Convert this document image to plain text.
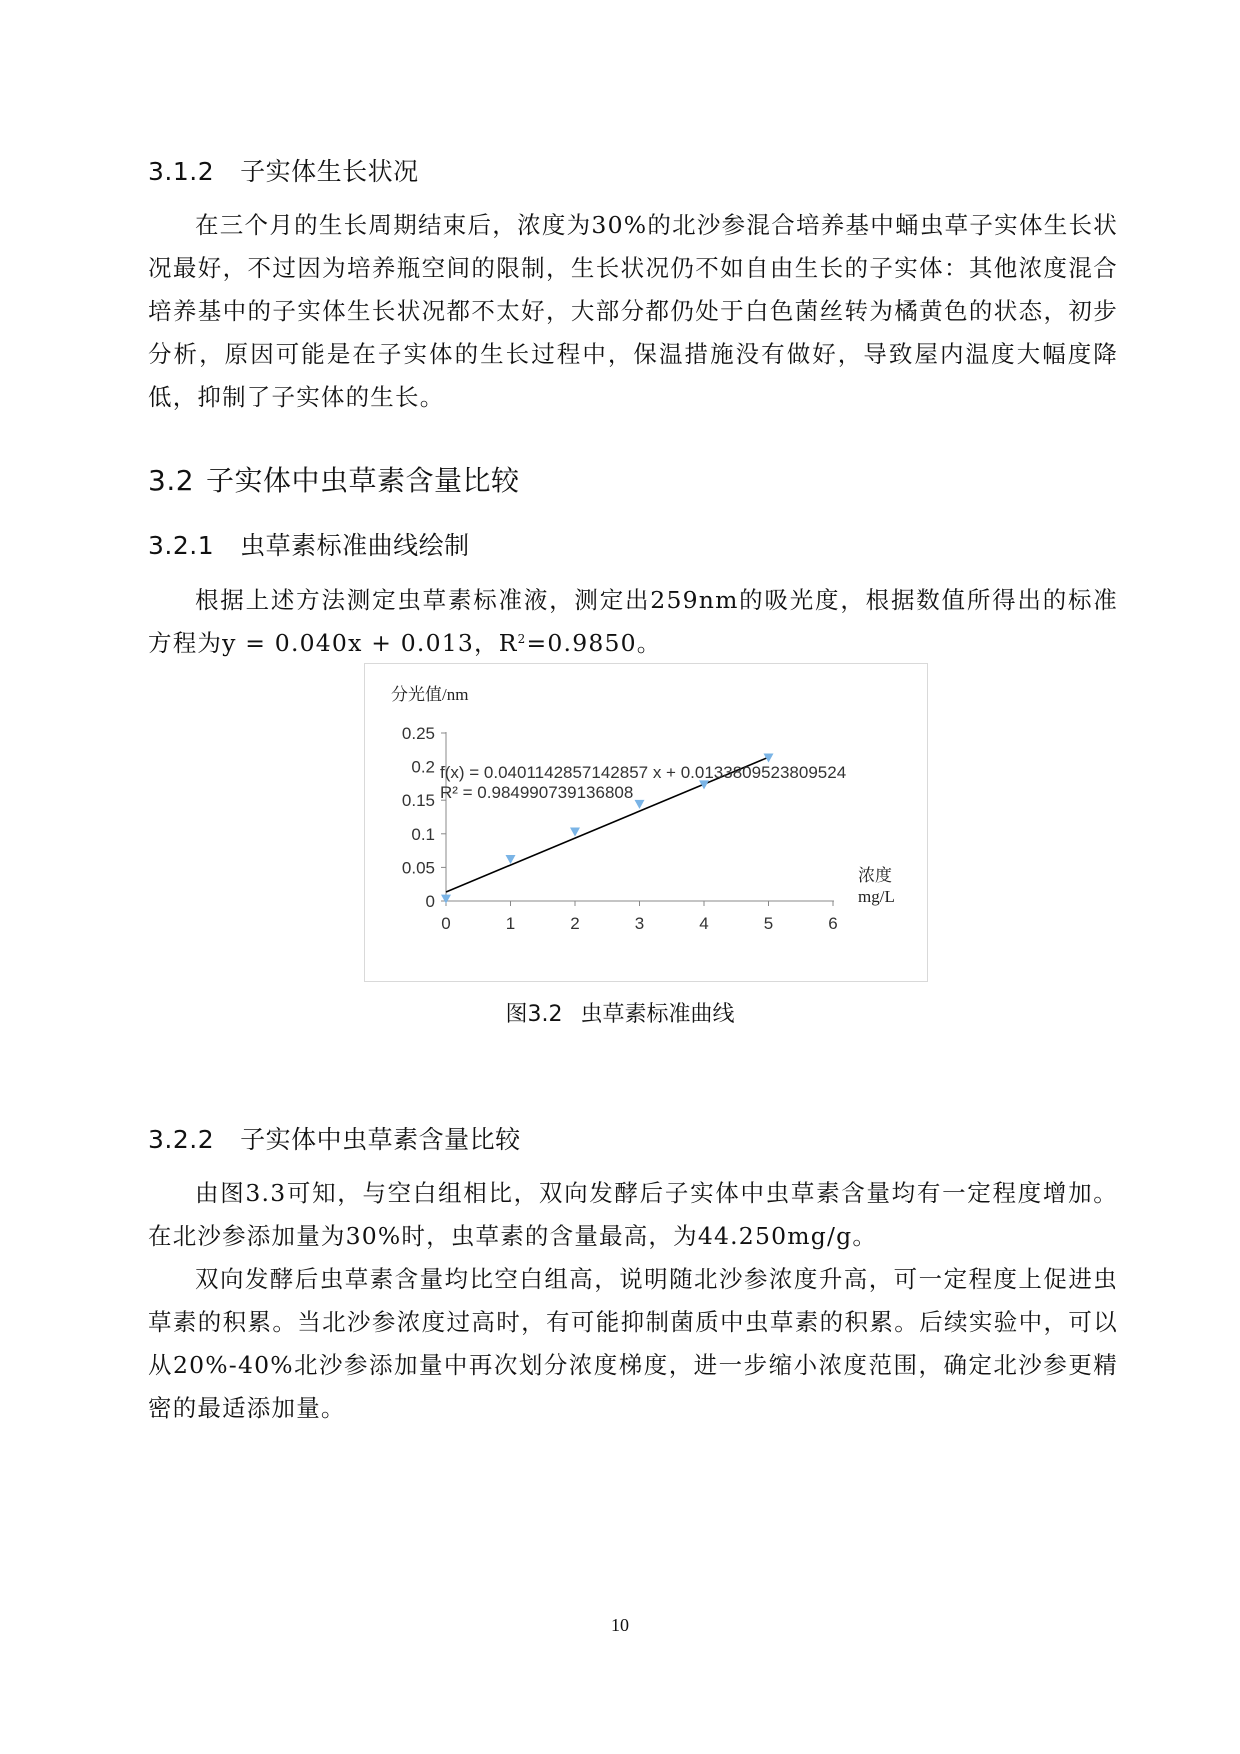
3.1.2 子实体生长状况
在三个月的生长周期结束后，浓度为30%的北沙参混合培养基中蛹虫草子实体生长状况最好，不过因为培养瓶空间的限制，生长状况仍不如自由生长的子实体：其他浓度混合培养基中的子实体生长状况都不太好，大部分都仍处于白色菌丝转为橘黄色的状态，初步分析，原因可能是在子实体的生长过程中，保温措施没有做好，导致屋内温度大幅度降低，抑制了子实体的生长。
3.2 子实体中虫草素含量比较
3.2.1 虫草素标准曲线绘制
根据上述方法测定虫草素标准液，测定出259nm的吸光度，根据数值所得出的标准方程为y = 0.040x + 0.013，$R^2=0.9850$。
分光值/nm
浓度
mg/L
0
0.05
0.1
0.15
0.2
0.25
0	1	2	3	4	5	6
f(x) = 0.0401142857142857 x + 0.0133809523809524
R² = 0.984990739136808
图3.2 虫草素标准曲线
3.2.2 子实体中虫草素含量比较
由图3.3可知，与空白组相比，双向发酵后子实体中虫草素含量均有一定程度增加。在北沙参添加量为30%时，虫草素的含量最高，为44.250mg/g。
双向发酵后虫草素含量均比空白组高，说明随北沙参浓度升高，可一定程度上促进虫草素的积累。当北沙参浓度过高时，有可能抑制菌质中虫草素的积累。后续实验中，可以从20%-40%北沙参添加量中再次划分浓度梯度，进一步缩小浓度范围，确定北沙参更精密的最适添加量。
10
